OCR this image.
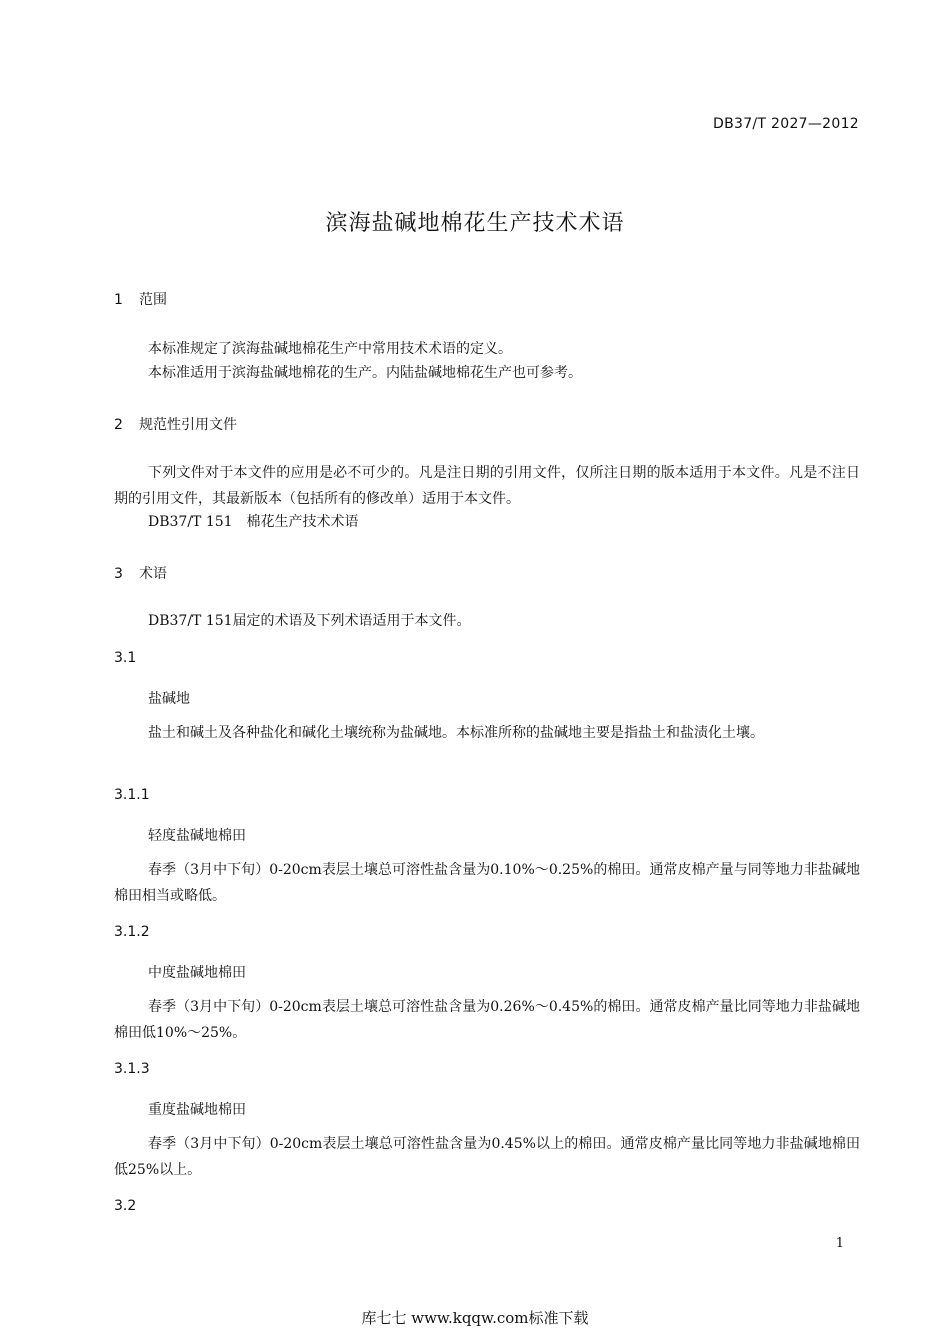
DB37/T 2027—2012
滨海盐碱地棉花生产技术术语
1 范围

本标准规定了滨海盐碱地棉花生产中常用技术术语的定义。

本标准适用于滨海盐碱地棉花的生产。内陆盐碱地棉花生产也可参考。

2 规范性引用文件

下列文件对于本文件的应用是必不可少的。凡是注日期的引用文件，仅所注日期的版本适用于本文件。凡是不注日期的引用文件，其最新版本（包括所有的修改单）适用于本文件。

DB37/T 151　棉花生产技术术语

3 术语

DB37/T 151届定的术语及下列术语适用于本文件。

3.1
盐碱地

盐土和碱土及各种盐化和碱化土壤统称为盐碱地。本标准所称的盐碱地主要是指盐土和盐渍化土壤。

3.1.1
轻度盐碱地棉田

春季（3月中下旬）0-20cm表层土壤总可溶性盐含量为0.10%～0.25%的棉田。通常皮棉产量与同等地力非盐碱地棉田相当或略低。

3.1.2
中度盐碱地棉田

春季（3月中下旬）0-20cm表层土壤总可溶性盐含量为0.26%～0.45%的棉田。通常皮棉产量比同等地力非盐碱地棉田低10%～25%。

3.1.3
重度盐碱地棉田

春季（3月中下旬）0-20cm表层土壤总可溶性盐含量为0.45%以上的棉田。通常皮棉产量比同等地力非盐碱地棉田低25%以上。

3.2
1
库七七 www.kqqw.com标准下载
